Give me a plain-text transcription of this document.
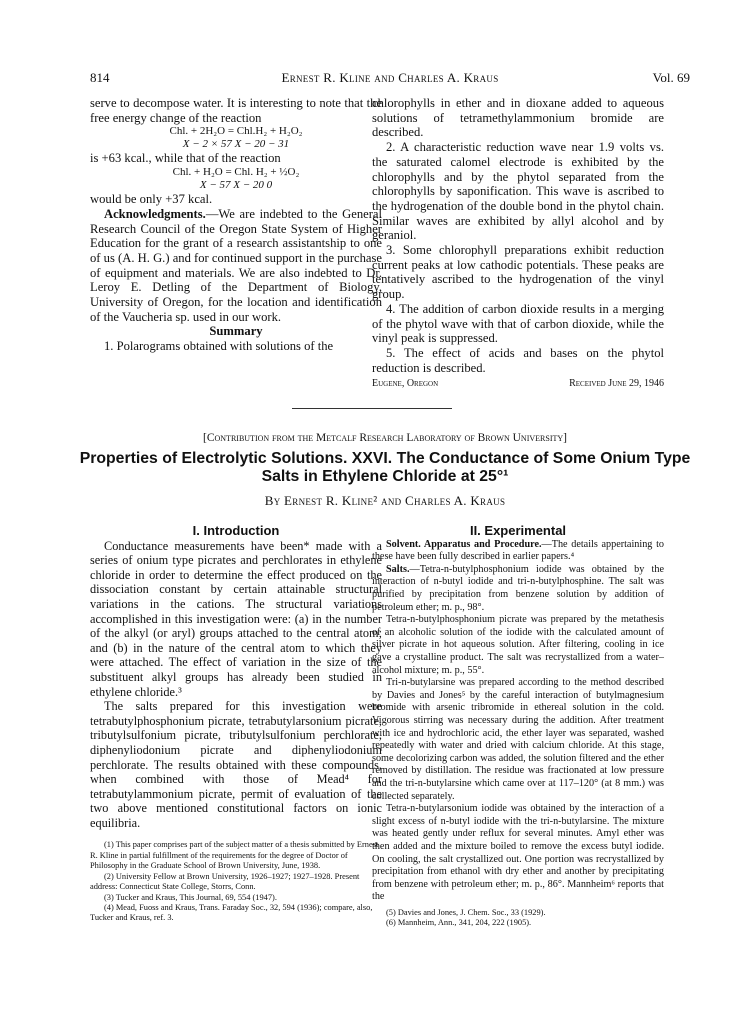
814	Ernest R. Kline and Charles A. Kraus	Vol. 69

serve to decompose water. It is interesting to note that the free energy change of the reaction

Chl. + 2H₂O = Chl.H₂ + H₂O₂

X − 2 × 57 X − 20 − 31

is +63 kcal., while that of the reaction

Chl. + H₂O = Chl. H₂ + ½O₂

X − 57 X − 20 0

would be only +37 kcal.

Acknowledgments.—We are indebted to the General Research Council of the Oregon State System of Higher Education for the grant of a research assistantship to one of us (A. H. G.) and for continued support in the purchase of equipment and materials. We are also indebted to Dr. Leroy E. Detling of the Department of Biology, University of Oregon, for the location and identification of the Vaucheria sp. used in our work.

Summary

1. Polarograms obtained with solutions of the

chlorophylls in ether and in dioxane added to aqueous solutions of tetramethylammonium bromide are described.

2. A characteristic reduction wave near 1.9 volts vs. the saturated calomel electrode is exhibited by the chlorophylls and by the phytol separated from the chlorophylls by saponification. This wave is ascribed to the hydrogenation of the double bond in the phytol chain. Similar waves are exhibited by allyl alcohol and by geraniol.

3. Some chlorophyll preparations exhibit reduction current peaks at low cathodic potentials. These peaks are tentatively ascribed to the hydrogenation of the vinyl group.

4. The addition of carbon dioxide results in a merging of the phytol wave with that of carbon dioxide, while the vinyl peak is suppressed.

5. The effect of acids and bases on the phytol reduction is described.

Eugene, Oregon	Received June 29, 1946
[Contribution from the Metcalf Research Laboratory of Brown University]
Properties of Electrolytic Solutions. XXVI. The Conductance of Some Onium Type Salts in Ethylene Chloride at 25°¹
By Ernest R. Kline² and Charles A. Kraus

I. Introduction

Conductance measurements have been* made with a series of onium type picrates and perchlorates in ethylene chloride in order to determine the effect produced on the dissociation constant by certain attainable structural variations in the cations. The structural variations accomplished in this investigation were: (a) in the number of the alkyl (or aryl) groups attached to the central atom; and (b) in the nature of the central atom to which they were attached. The effect of variation in the size of the substituent alkyl groups has already been studied in ethylene chloride.³

The salts prepared for this investigation were tetrabutylphosphonium picrate, tetrabutylarsonium picrate, tributylsulfonium picrate, tributylsulfonium perchlorate, diphenyliodonium picrate and diphenyliodonium perchlorate. The results obtained with these compounds, when combined with those of Mead⁴ for tetrabutylammonium picrate, permit of evaluation of the two above mentioned constitutional factors on ionic equilibria.

(1) This paper comprises part of the subject matter of a thesis submitted by Ernest R. Kline in partial fulfillment of the requirements for the degree of Doctor of Philosophy in the Graduate School of Brown University, June, 1938.

(2) University Fellow at Brown University, 1926–1927; 1927–1928. Present address: Connecticut State College, Storrs, Conn.

(3) Tucker and Kraus, This Journal, 69, 554 (1947).

(4) Mead, Fuoss and Kraus, Trans. Faraday Soc., 32, 594 (1936); compare, also, Tucker and Kraus, ref. 3.

II. Experimental

Solvent. Apparatus and Procedure.—The details appertaining to these have been fully described in earlier papers.⁴

Salts.—Tetra-n-butylphosphonium iodide was obtained by the interaction of n-butyl iodide and tri-n-butylphosphine. The salt was purified by precipitation from benzene solution by addition of petroleum ether; m. p., 98°.

Tetra-n-butylphosphonium picrate was prepared by the metathesis of an alcoholic solution of the iodide with the calculated amount of silver picrate in hot aqueous solution. After filtering, cooling in ice gave a crystalline product. The salt was recrystallized from a water–alcohol mixture; m. p., 55°.

Tri-n-butylarsine was prepared according to the method described by Davies and Jones⁵ by the careful interaction of butylmagnesium bromide with arsenic tribromide in ethereal solution in the cold. Vigorous stirring was necessary during the addition. After treatment with ice and hydrochloric acid, the ether layer was separated, washed repeatedly with water and dried with calcium chloride. At this stage, some decolorizing carbon was added, the solution filtered and the ether removed by distillation. The residue was fractionated at low pressure and the tri-n-butylarsine which came over at 117–120° (at 8 mm.) was collected separately.

Tetra-n-butylarsonium iodide was obtained by the interaction of a slight excess of n-butyl iodide with the tri-n-butylarsine. The mixture was heated gently under reflux for several minutes. Amyl ether was then added and the mixture boiled to remove the excess butyl iodide. On cooling, the salt crystallized out. One portion was recrystallized by precipitation from ethanol with dry ether and another by precipitating from benzene with petroleum ether; m. p., 86°. Mannheim⁶ reports that the

(5) Davies and Jones, J. Chem. Soc., 33 (1929).

(6) Mannheim, Ann., 341, 204, 222 (1905).
